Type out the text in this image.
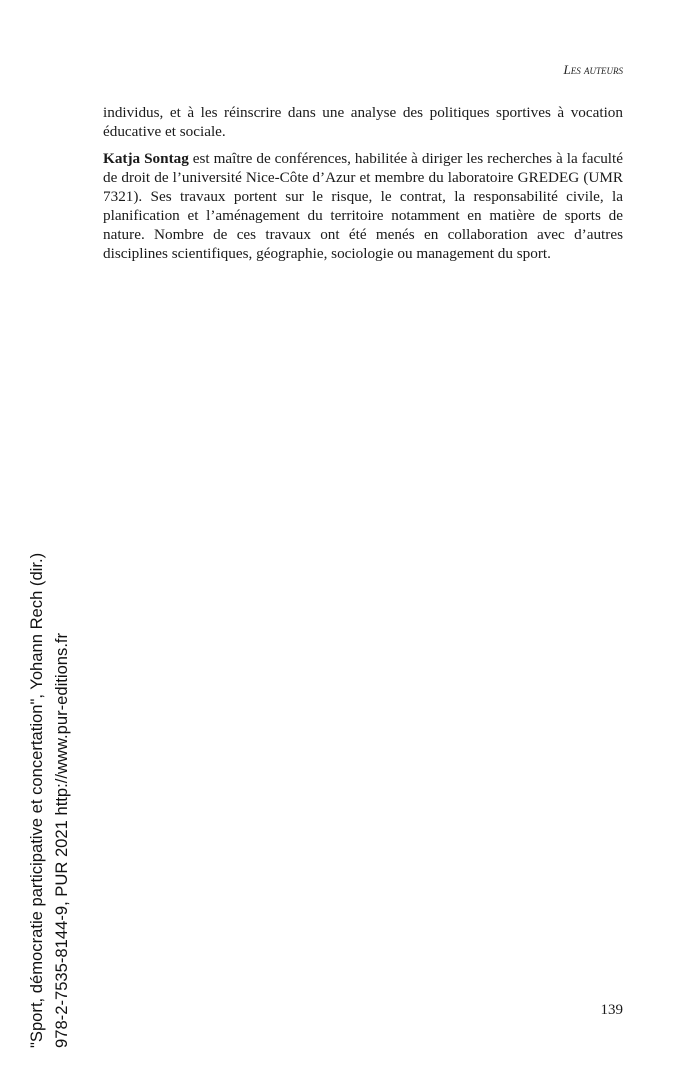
Les auteurs

individus, et à les réinscrire dans une analyse des politiques sportives à vocation éducative et sociale.

Katja Sontag est maître de conférences, habilitée à diriger les recherches à la faculté de droit de l’université Nice-Côte d’Azur et membre du laboratoire GREDEG (UMR 7321). Ses travaux portent sur le risque, le contrat, la responsabilité civile, la planification et l’aménagement du territoire notamment en matière de sports de nature. Nombre de ces travaux ont été menés en collaboration avec d’autres disciplines scientifiques, géographie, sociologie ou management du sport.

139
"Sport, démocratie participative et concertation", Yohann Rech (dir.) 978-2-7535-8144-9, PUR 2021 http://www.pur-editions.fr
